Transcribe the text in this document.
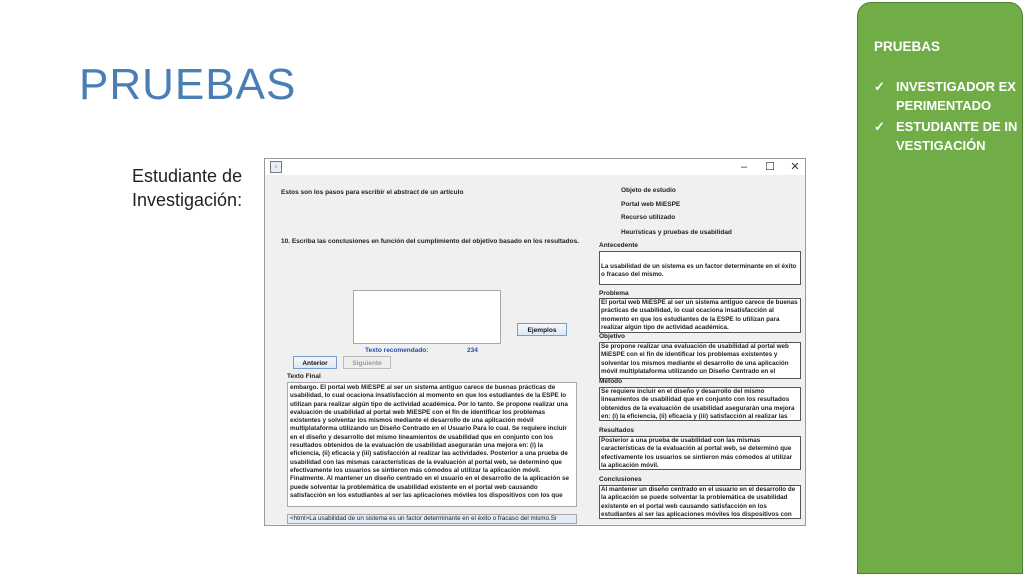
PRUEBAS
Estudiante de
Investigación:
PRUEBAS
✓ INVESTIGADOR EXPERIMENTADO
✓ ESTUDIANTE DE INVESTIGACIÓN
◦	–	☐	✕
Estos son los pasos para escribir el abstract de un artículo
10. Escriba las conclusiones en función del cumplimiento del objetivo basado en los resultados.
Ejemplos
Texto recomendado:	234
Anterior	Siguiente
Texto Final
embargo. El portal web MiESPE al ser un sistema antiguo carece de buenas prácticas de usabilidad, lo cual ocaciona insatisfacción al momento en que los estudiantes de la ESPE lo utilizan para realizar algún tipo de actividad académica. Por lo tanto. Se propone realizar una evaluación de usabilidad al portal web MiESPE con el fin de identificar los problemas existentes y solventar los mismos mediante el desarrollo de una aplicación móvil multiplataforma utilizando un Diseño Centrado en el Usuario Para lo cual. Se requiere incluir en el diseño y desarrollo del mismo lineamientos de usabilidad que en conjunto con los resultados obtenidos de la evaluación de usabilidad asegurarán una mejora en: (i) la eficiencia, (ii) eficacia y (iii) satisfacción al realizar las actividades. Posterior a una prueba de usabilidad con las mismas características de la evaluación al portal web, se determinó que efectivamente los usuarios se sintieron más cómodos al utilizar la aplicación móvil. Finalmente. Al mantener un diseño centrado en el usuario en el desarrollo de la aplicación se puede solventar la problemática de usabilidad existente en el portal web causando satisfacción en los estudiantes al ser las aplicaciones móviles los dispositivos con los que
<html>La usabilidad de un sistema es un factor determinante en el éxito o fracaso del mismo.Si
Objeto de estudio
Portal web MiESPE
Recurso utilizado
Heurísticas y pruebas de usabilidad
Antecedente
La usabilidad de un sistema es un factor determinante en el éxito o fracaso del mismo.
Problema
El portal web MiESPE al ser un sistema antiguo carece de buenas prácticas de usabilidad, lo cual ocaciona insatisfacción al momento en que los estudiantes de la ESPE lo utilizan para realizar algún tipo de actividad académica.
Objetivo
Se propone realizar una evaluación de usabilidad al portal web MiESPE con el fin de identificar los problemas existentes y solventar los mismos mediante el desarrollo de una aplicación móvil multiplataforma utilizando un Diseño Centrado en el
Método
Se requiere incluir en el diseño y desarrollo del mismo lineamientos de usabilidad que en conjunto con los resultados obtenidos de la evaluación de usabilidad asegurarán una mejora en: (i) la eficiencia, (ii) eficacia y (iii) satisfacción al realizar las
Resultados
Posterior a una prueba de usabilidad con las mismas características de la evaluación al portal web, se determinó que efectivamente los usuarios se sintieron más cómodos al utilizar la aplicación móvil.
Conclusiones
Al mantener un diseño centrado en el usuario en el desarrollo de la aplicación se puede solventar la problemática de usabilidad existente en el portal web causando satisfacción en los estudiantes al ser las aplicaciones móviles los dispositivos con
